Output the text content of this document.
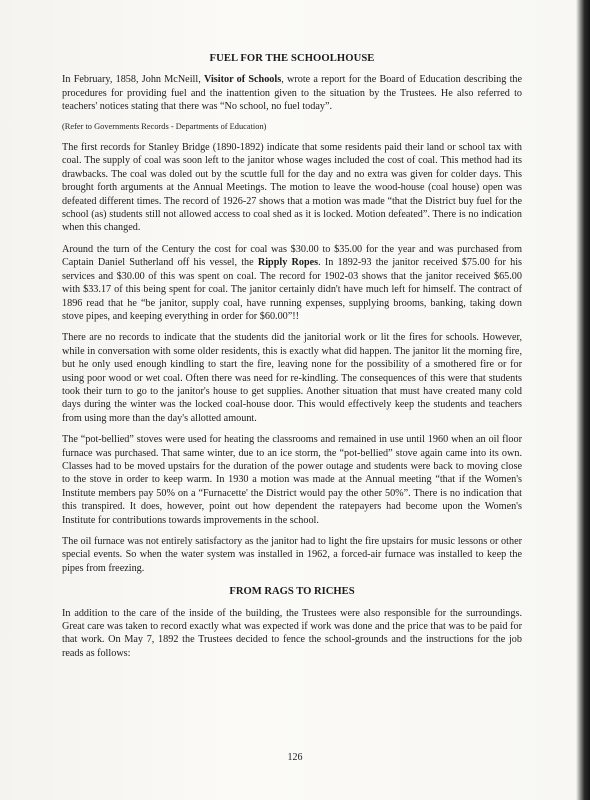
FUEL FOR THE SCHOOLHOUSE

In February, 1858, John McNeill, Visitor of Schools, wrote a report for the Board of Education describing the procedures for providing fuel and the inattention given to the situation by the Trustees. He also referred to teachers' notices stating that there was “No school, no fuel today”.

(Refer to Governments Records - Departments of Education)

The first records for Stanley Bridge (1890-1892) indicate that some residents paid their land or school tax with coal. The supply of coal was soon left to the janitor whose wages included the cost of coal. This method had its drawbacks. The coal was doled out by the scuttle full for the day and no extra was given for colder days. This brought forth arguments at the Annual Meetings. The motion to leave the wood-house (coal house) open was defeated different times. The record of 1926-27 shows that a motion was made “that the District buy fuel for the school (as) students still not allowed access to coal shed as it is locked. Motion defeated”. There is no indication when this changed.

Around the turn of the Century the cost for coal was $30.00 to $35.00 for the year and was purchased from Captain Daniel Sutherland off his vessel, the Ripply Ropes. In 1892-93 the janitor received $75.00 for his services and $30.00 of this was spent on coal. The record for 1902-03 shows that the janitor received $65.00 with $33.17 of this being spent for coal. The janitor certainly didn't have much left for himself. The contract of 1896 read that he “be janitor, supply coal, have running expenses, supplying brooms, banking, taking down stove pipes, and keeping everything in order for $60.00”!!

There are no records to indicate that the students did the janitorial work or lit the fires for schools. However, while in conversation with some older residents, this is exactly what did happen. The janitor lit the morning fire, but he only used enough kindling to start the fire, leaving none for the possibility of a smothered fire or for using poor wood or wet coal. Often there was need for re-kindling. The consequences of this were that students took their turn to go to the janitor's house to get supplies. Another situation that must have created many cold days during the winter was the locked coal-house door. This would effectively keep the students and teachers from using more than the day's allotted amount.

The “pot-bellied” stoves were used for heating the classrooms and remained in use until 1960 when an oil floor furnace was purchased. That same winter, due to an ice storm, the “pot-bellied” stove again came into its own. Classes had to be moved upstairs for the duration of the power outage and students were back to moving close to the stove in order to keep warm. In 1930 a motion was made at the Annual meeting “that if the Women's Institute members pay 50% on a “Furnacette' the District would pay the other 50%”. There is no indication that this transpired. It does, however, point out how dependent the ratepayers had become upon the Women's Institute for contributions towards improvements in the school.

The oil furnace was not entirely satisfactory as the janitor had to light the fire upstairs for music lessons or other special events. So when the water system was installed in 1962, a forced-air furnace was installed to keep the pipes from freezing.

FROM RAGS TO RICHES

In addition to the care of the inside of the building, the Trustees were also responsible for the surroundings. Great care was taken to record exactly what was expected if work was done and the price that was to be paid for that work. On May 7, 1892 the Trustees decided to fence the school-grounds and the instructions for the job reads as follows:

126
